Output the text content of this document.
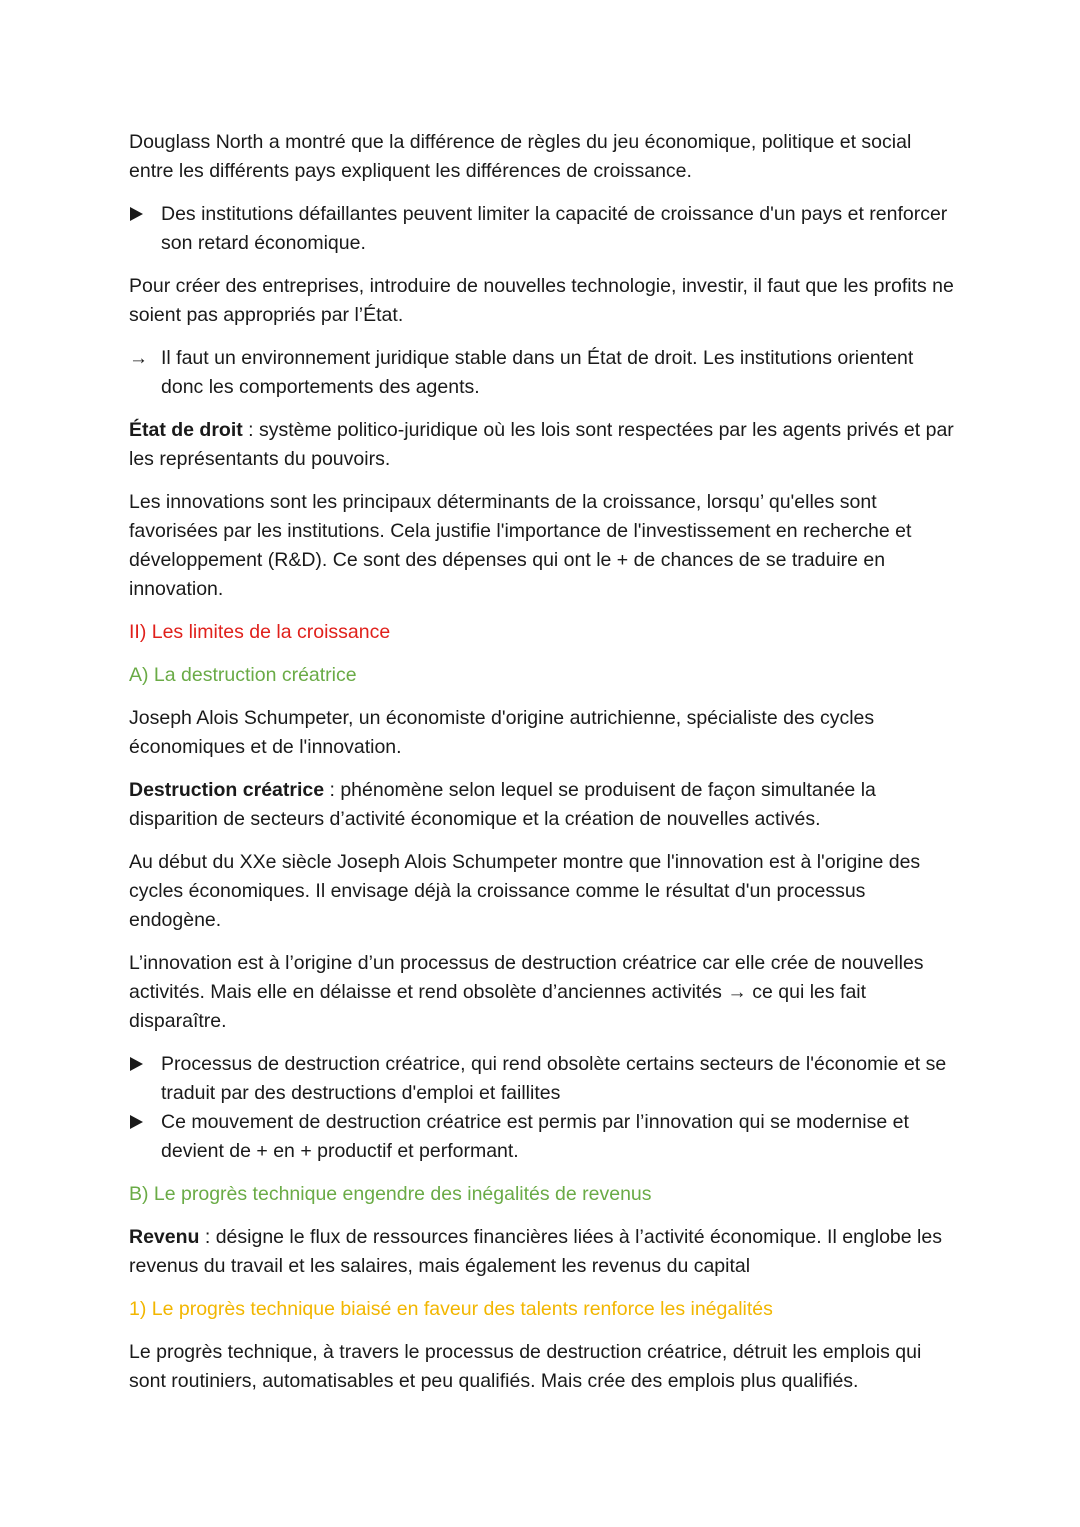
Douglass North a montré que la différence de règles du jeu économique, politique et social entre les différents pays expliquent les différences de croissance.

Des institutions défaillantes peuvent limiter la capacité de croissance d'un pays et renforcer son retard économique.

Pour créer des entreprises, introduire de nouvelles technologie, investir, il faut que les profits ne soient pas appropriés par l’État.

→ Il faut un environnement juridique stable dans un État de droit. Les institutions orientent donc les comportements des agents.

État de droit : système politico-juridique où les lois sont respectées par les agents privés et par les représentants du pouvoirs.

Les innovations sont les principaux déterminants de la croissance, lorsqu’ qu'elles sont favorisées par les institutions. Cela justifie l'importance de l'investissement en recherche et développement (R&D). Ce sont des dépenses qui ont le + de chances de se traduire en innovation.

II) Les limites de la croissance

A) La destruction créatrice

Joseph Alois Schumpeter, un économiste d'origine autrichienne, spécialiste des cycles économiques et de l'innovation.

Destruction créatrice : phénomène selon lequel se produisent de façon simultanée la disparition de secteurs d’activité économique et la création de nouvelles activés.

Au début du XXe siècle Joseph Alois Schumpeter montre que l'innovation est à l'origine des cycles économiques. Il envisage déjà la croissance comme le résultat d'un processus endogène.

L’innovation est à l’origine d’un processus de destruction créatrice car elle crée de nouvelles activités. Mais elle en délaisse et rend obsolète d’anciennes activités → ce qui les fait disparaître.

Processus de destruction créatrice, qui rend obsolète certains secteurs de l'économie et se traduit par des destructions d'emploi et faillites
Ce mouvement de destruction créatrice est permis par l’innovation qui se modernise et devient de + en + productif et performant.

B) Le progrès technique engendre des inégalités de revenus

Revenu : désigne le flux de ressources financières liées à l’activité économique. Il englobe les revenus du travail et les salaires, mais également les revenus du capital

1) Le progrès technique biaisé en faveur des talents renforce les inégalités

Le progrès technique, à travers le processus de destruction créatrice, détruit les emplois qui sont routiniers, automatisables et peu qualifiés. Mais crée des emplois plus qualifiés.
